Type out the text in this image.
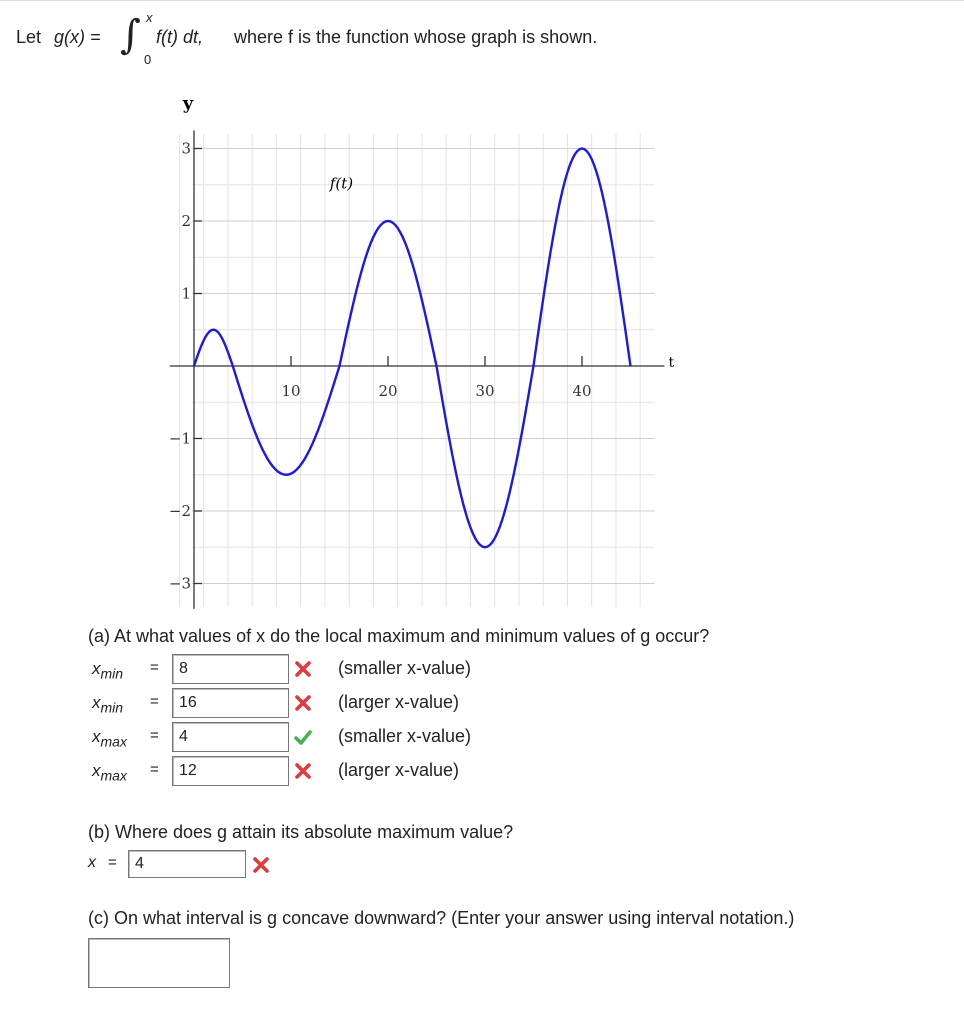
Let g(x) = ∫ x
0
f(t) dt, where f is the function whose graph is shown.
y
t
f(t)
10	20	30	40
3
2
1
−1
−2
−3
(a) At what values of x do the local maximum and minimum values of g occur?
$x_{min}$ =
8	(smaller x-value)
$x_{min}$ =
16	(larger x-value)
$x_{max}$ =
4	(smaller x-value)
$x_{max}$ =
12	(larger x-value)
(b) Where does g attain its absolute maximum value?
x =
4
(c) On what interval is g concave downward? (Enter your answer using interval notation.)
